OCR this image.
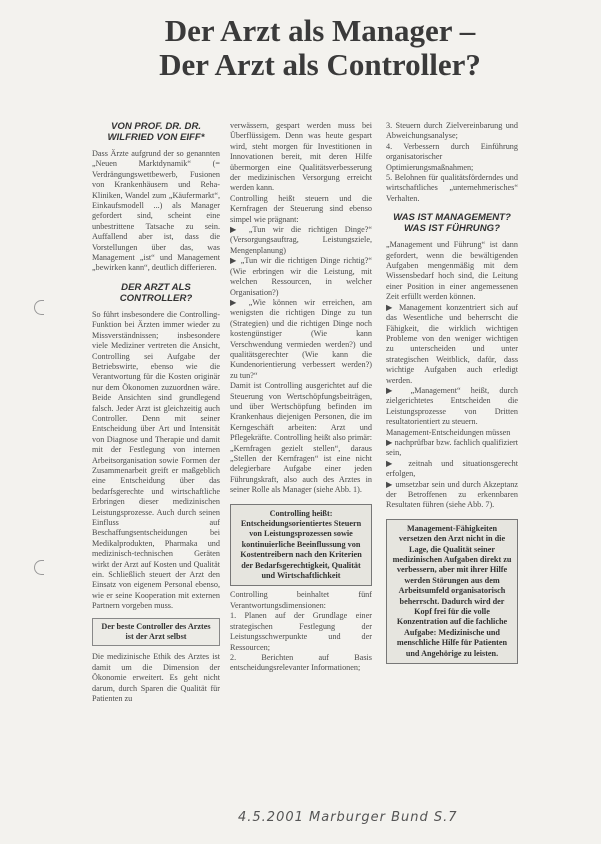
Der Arzt als Manager –
Der Arzt als Controller?
VON PROF. DR. DR. WILFRIED VON EIFF*

Dass Ärzte aufgrund der so genannten „Neuen Marktdynamik“ (= Verdrängungswettbewerb, Fusionen von Krankenhäusern und Reha-Kliniken, Wandel zum „Käufermarkt“, Einkaufsmodell ...) als Manager gefordert sind, scheint eine unbestrittene Tatsache zu sein. Auffallend aber ist, dass die Vorstellungen über das, was Management „ist“ und Management „bewirken kann“, deutlich differieren.

DER ARZT ALS CONTROLLER?

So führt insbesondere die Controlling-Funktion bei Ärzten immer wieder zu Missverständnissen; insbesondere viele Mediziner vertreten die Ansicht, Controlling sei Aufgabe der Betriebswirte, ebenso wie die Verantwortung für die Kosten originär nur dem Ökonomen zuzuordnen wäre. Beide Ansichten sind grundlegend falsch. Jeder Arzt ist gleichzeitig auch Controller. Denn mit seiner Entscheidung über Art und Intensität von Diagnose und Therapie und damit mit der Festlegung von internen Arbeitsorganisation sowie Formen der Zusammenarbeit greift er maßgeblich eine Entscheidung über das bedarfsgerechte und wirtschaftliche Erbringen dieser medizinischen Leistungsprozesse. Auch durch seinen Einfluss auf Beschaffungsentscheidungen bei Medikalprodukten, Pharmaka und medizinisch-technischen Geräten wirkt der Arzt auf Kosten und Qualität ein. Schließlich steuert der Arzt den Einsatz von eigenem Personal ebenso, wie er seine Kooperation mit externen Partnern vorgeben muss.

Der beste Controller des Arztes ist der Arzt selbst

Die medizinische Ethik des Arztes ist damit um die Dimension der Ökonomie erweitert. Es geht nicht darum, durch Sparen die Qualität für Patienten zu

verwässern, gespart werden muss bei Überflüssigem. Denn was heute gespart wird, steht morgen für Investitionen in Innovationen bereit, mit deren Hilfe übermorgen eine Qualitätsverbesserung der medizinischen Versorgung erreicht werden kann.

Controlling heißt steuern und die Kernfragen der Steuerung sind ebenso simpel wie prägnant:

▶ „Tun wir die richtigen Dinge?“ (Versorgungsauftrag, Leistungsziele, Mengenplanung)

▶ „Tun wir die richtigen Dinge richtig?“ (Wie erbringen wir die Leistung, mit welchen Ressourcen, in welcher Organisation?)

▶ „Wie können wir erreichen, am wenigsten die richtigen Dinge zu tun (Strategien) und die richtigen Dinge noch kostengünstiger (Wie kann Verschwendung vermieden werden?) und qualitätsgerechter (Wie kann die Kundenorientierung verbessert werden?) zu tun?“

Damit ist Controlling ausgerichtet auf die Steuerung von Wertschöpfungsbeiträgen, und über Wertschöpfung befinden im Krankenhaus diejenigen Personen, die im Kerngeschäft arbeiten: Arzt und Pflegekräfte. Controlling heißt also primär: „Kernfragen gezielt stellen“, daraus „Stellen der Kernfragen“ ist eine nicht delegierbare Aufgabe einer jeden Führungskraft, also auch des Arztes in seiner Rolle als Manager (siehe Abb. 1).

Controlling heißt: Entscheidungsorientiertes Steuern von Leistungsprozessen sowie kontinuierliche Beeinflussung von Kostentreibern nach den Kriterien der Bedarfsgerechtigkeit, Qualität und Wirtschaftlichkeit

Controlling beinhaltet fünf Verantwortungsdimensionen:

1. Planen auf der Grundlage einer strategischen Festlegung der Leistungsschwerpunkte und der Ressourcen;

2. Berichten auf Basis entscheidungsrelevanter Informationen;

3. Steuern durch Zielvereinbarung und Abweichungsanalyse;

4. Verbessern durch Einführung organisatorischer Optimierungsmaßnahmen;

5. Belohnen für qualitätsförderndes und wirtschaftliches „unternehmerisches“ Verhalten.

WAS IST MANAGEMENT? WAS IST FÜHRUNG?

„Management und Führung“ ist dann gefordert, wenn die bewältigenden Aufgaben mengenmäßig mit dem Wissensbedarf hoch sind, die Leitung einer Position in einer angemessenen Zeit erfüllt werden können.

▶ Management konzentriert sich auf das Wesentliche und beherrscht die Fähigkeit, die wirklich wichtigen Probleme von den weniger wichtigen zu unterscheiden und unter strategischen Weitblick, dafür, dass wichtige Aufgaben auch erledigt werden.

▶ „Management“ heißt, durch zielgerichtetes Entscheiden die Leistungsprozesse von Dritten resultatorientiert zu steuern.

Management-Entscheidungen müssen

▶ nachprüfbar bzw. fachlich qualifiziert sein,

▶ zeitnah und situationsgerecht erfolgen,

▶ umsetzbar sein und durch Akzeptanz der Betroffenen zu erkennbaren Resultaten führen (siehe Abb. 7).

Management-Fähigkeiten versetzen den Arzt nicht in die Lage, die Qualität seiner medizinischen Aufgaben direkt zu verbessern, aber mit ihrer Hilfe werden Störungen aus dem Arbeitsumfeld organisatorisch beherrscht. Dadurch wird der Kopf frei für die volle Konzentration auf die fachliche Aufgabe: Medizinische und menschliche Hilfe für Patienten und Angehörige zu leisten.
4.5.2001 Marburger Bund S.7
